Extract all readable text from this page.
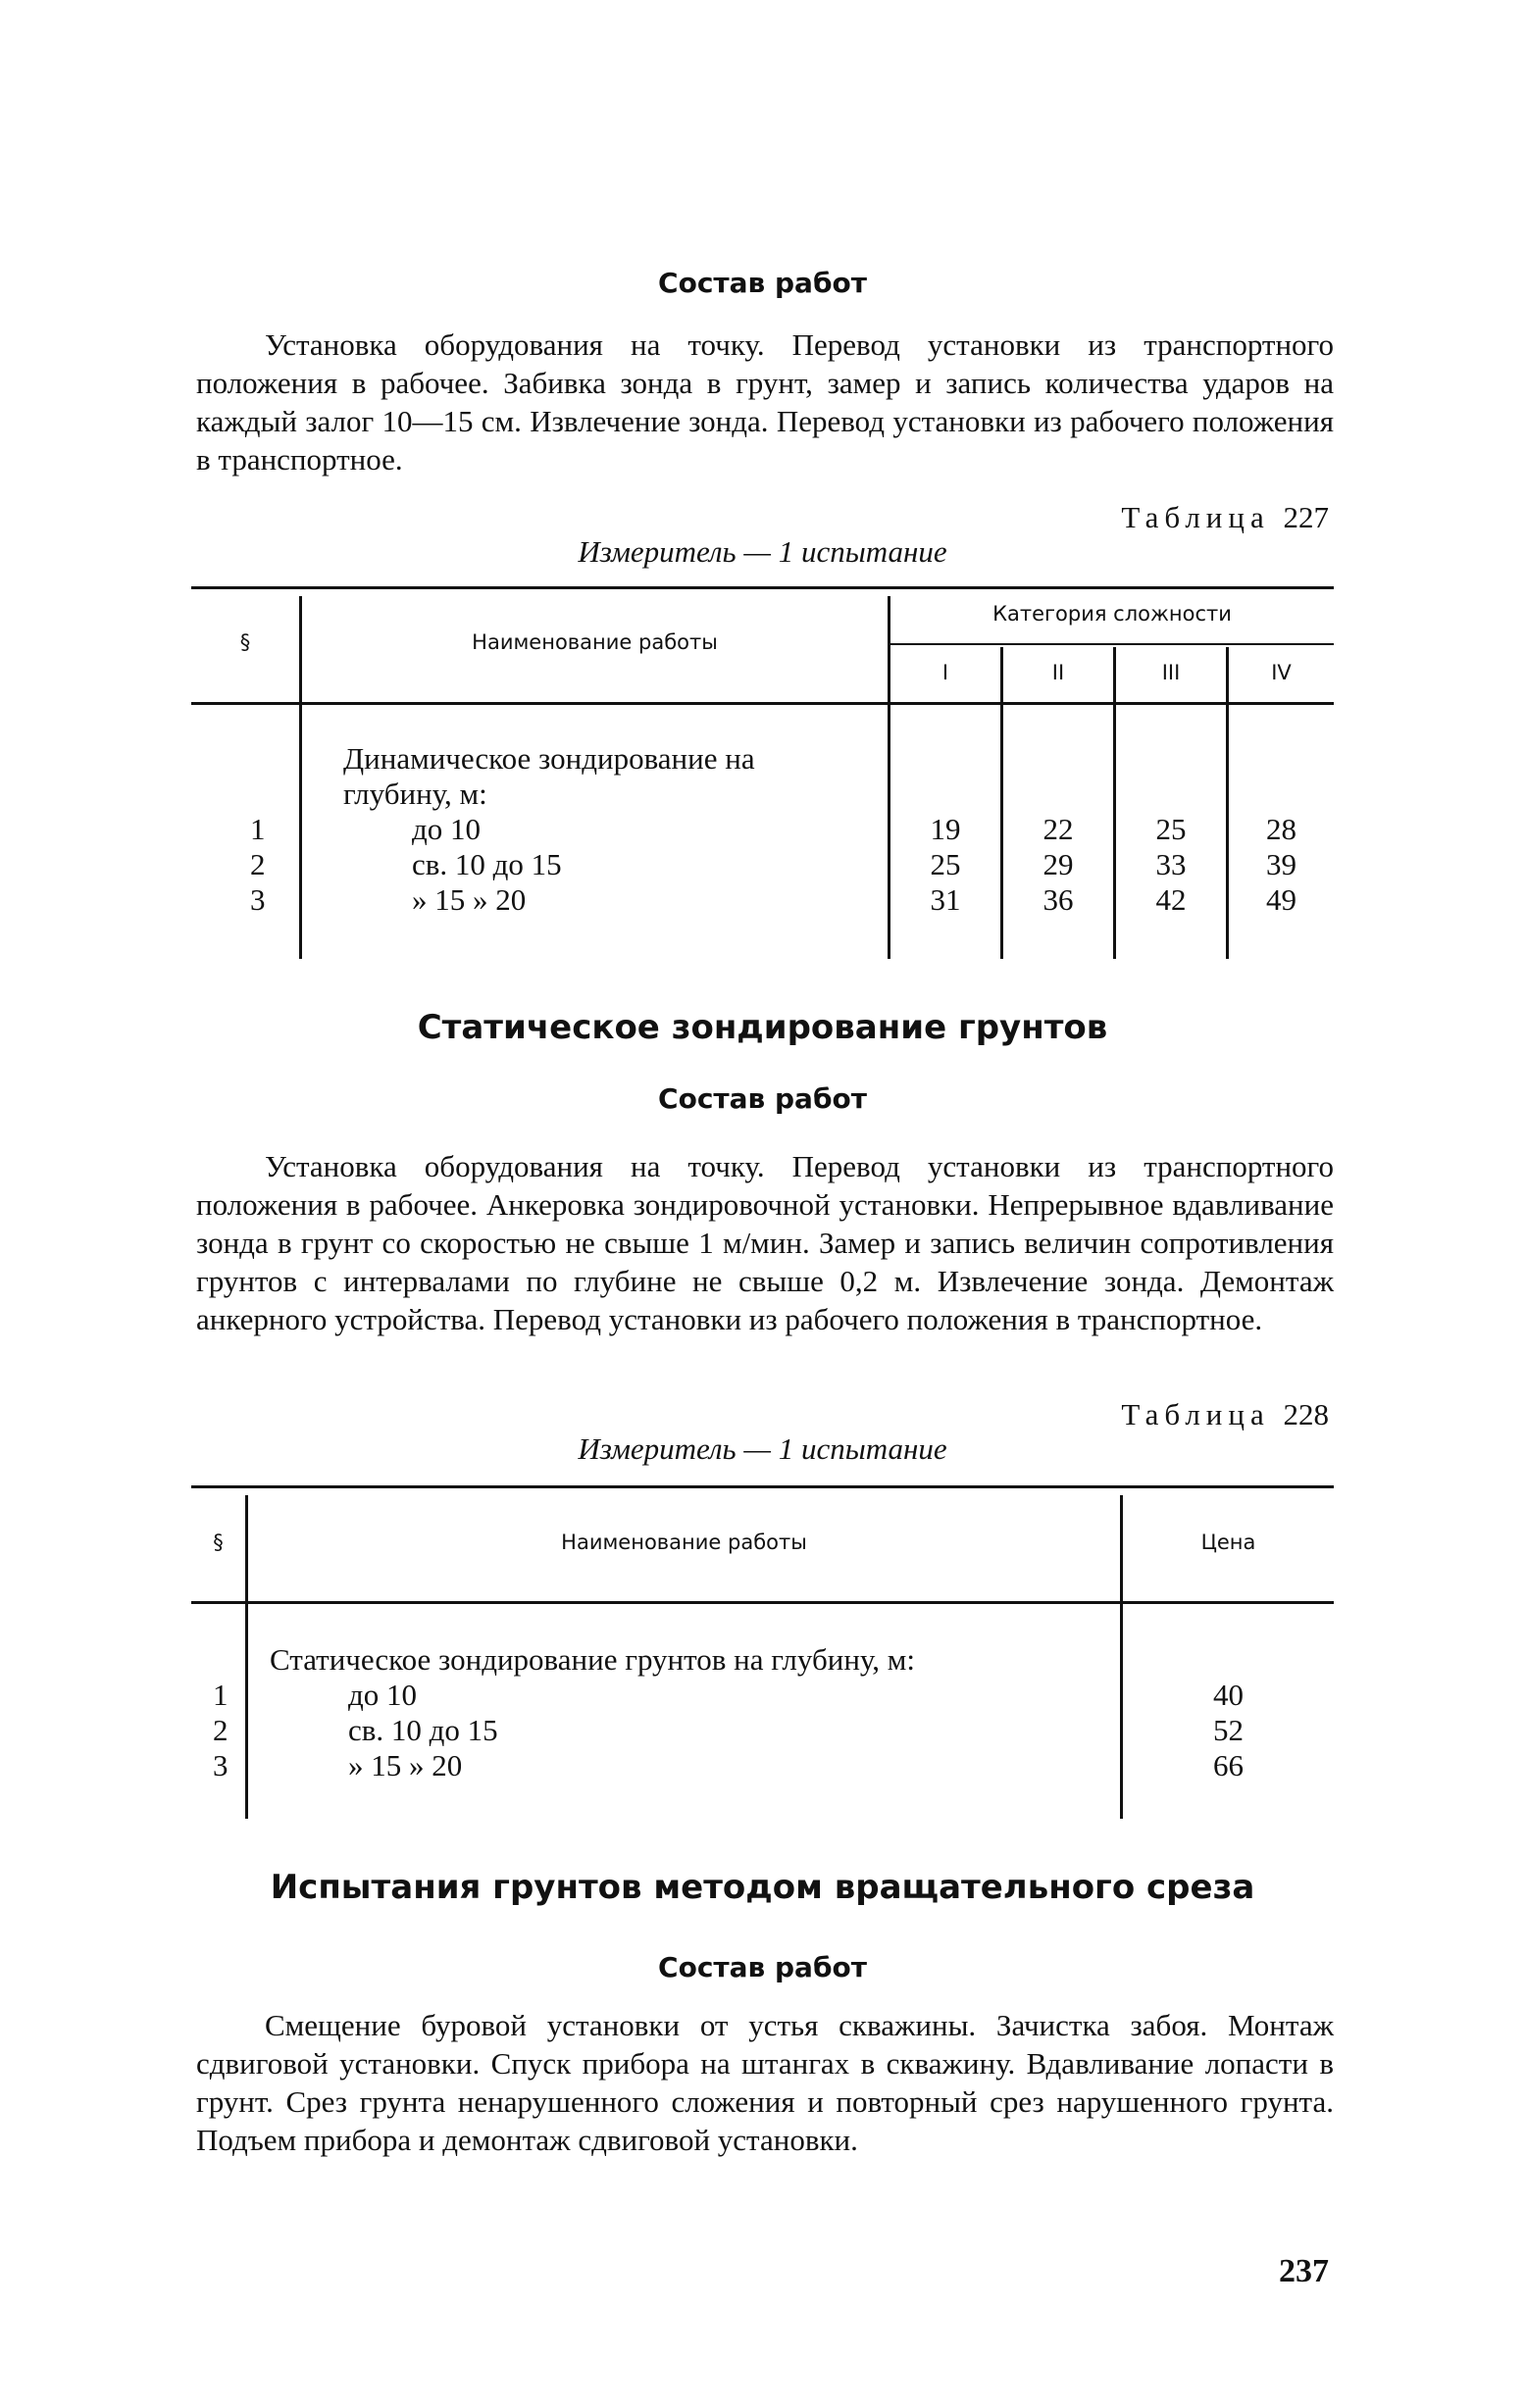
Состав работ
Установка оборудования на точку. Перевод установки из транспортного положения в рабочее. Забивка зонда в грунт, замер и запись количества ударов на каждый залог 10—15 см. Извлечение зонда. Перевод установки из рабочего положения в транспортное.
Таблица 227
Измеритель — 1 испытание
§	Наименование работы
Категория сложности
I	II	III	IV
Динамическое зондирование на
глубину, м:
1	до 10	19	22	25	28
2	св. 10 до 15	25	29	33	39
3	» 15 » 20	31	36	42	49
Статическое зондирование грунтов
Состав работ
Установка оборудования на точку. Перевод установки из транспортного положения в рабочее. Анкеровка зондировочной установки. Непрерывное вдавливание зонда в грунт со скоростью не свыше 1 м/мин. Замер и запись величин сопротивления грунтов с интервалами по глубине не свыше 0,2 м. Извлечение зонда. Демонтаж анкерного устройства. Перевод установки из рабочего положения в транспортное.
Таблица 228
Измеритель — 1 испытание
§	Наименование работы	Цена
Статическое зондирование грунтов на глубину, м:
1	до 10	40
2	св. 10 до 15	52
3	» 15 » 20	66
Испытания грунтов методом вращательного среза
Состав работ
Смещение буровой установки от устья скважины. Зачистка забоя. Монтаж сдвиговой установки. Спуск прибора на штангах в скважину. Вдавливание лопасти в грунт. Срез грунта ненарушенного сложения и повторный срез нарушенного грунта. Подъем прибора и демонтаж сдвиговой установки.
237
